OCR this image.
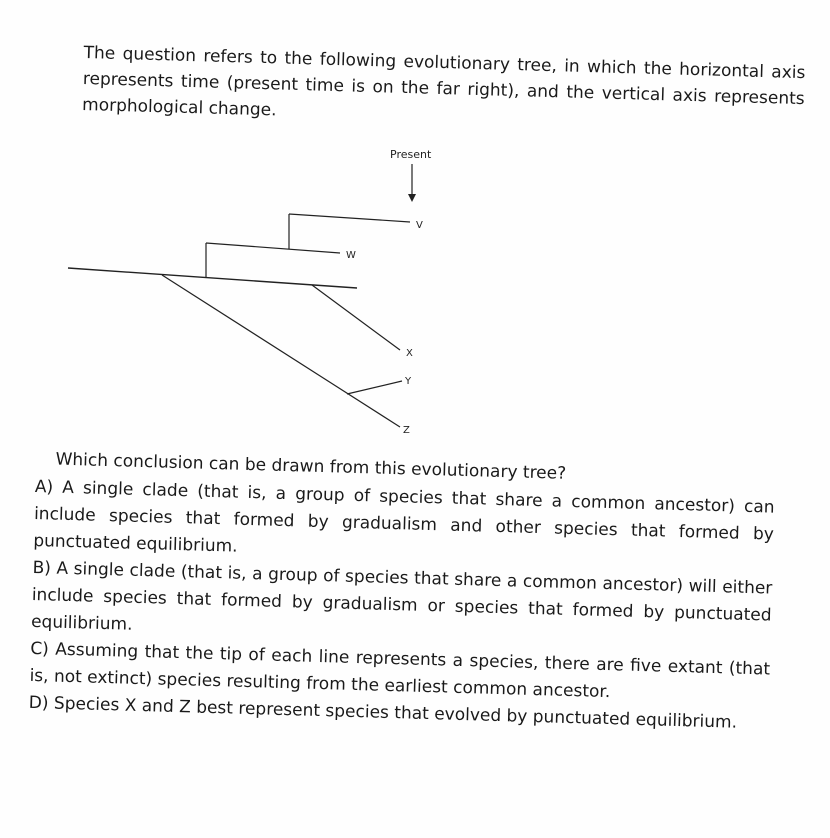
The question refers to the following evolutionary tree, in which the horizontal axis represents time (present time is on the far right), and the vertical axis represents morphological change.

Present
W
V
X
Z
Y

Which conclusion can be drawn from this evolutionary tree?

A) A single clade (that is, a group of species that share a common ancestor) can include species that formed by gradualism and other species that formed by punctuated equilibrium.

B) A single clade (that is, a group of species that share a common ancestor) will either include species that formed by gradualism or species that formed by punctuated equilibrium.

C) Assuming that the tip of each line represents a species, there are five extant (that is, not extinct) species resulting from the earliest common ancestor.

D) Species X and Z best represent species that evolved by punctuated equilibrium.
